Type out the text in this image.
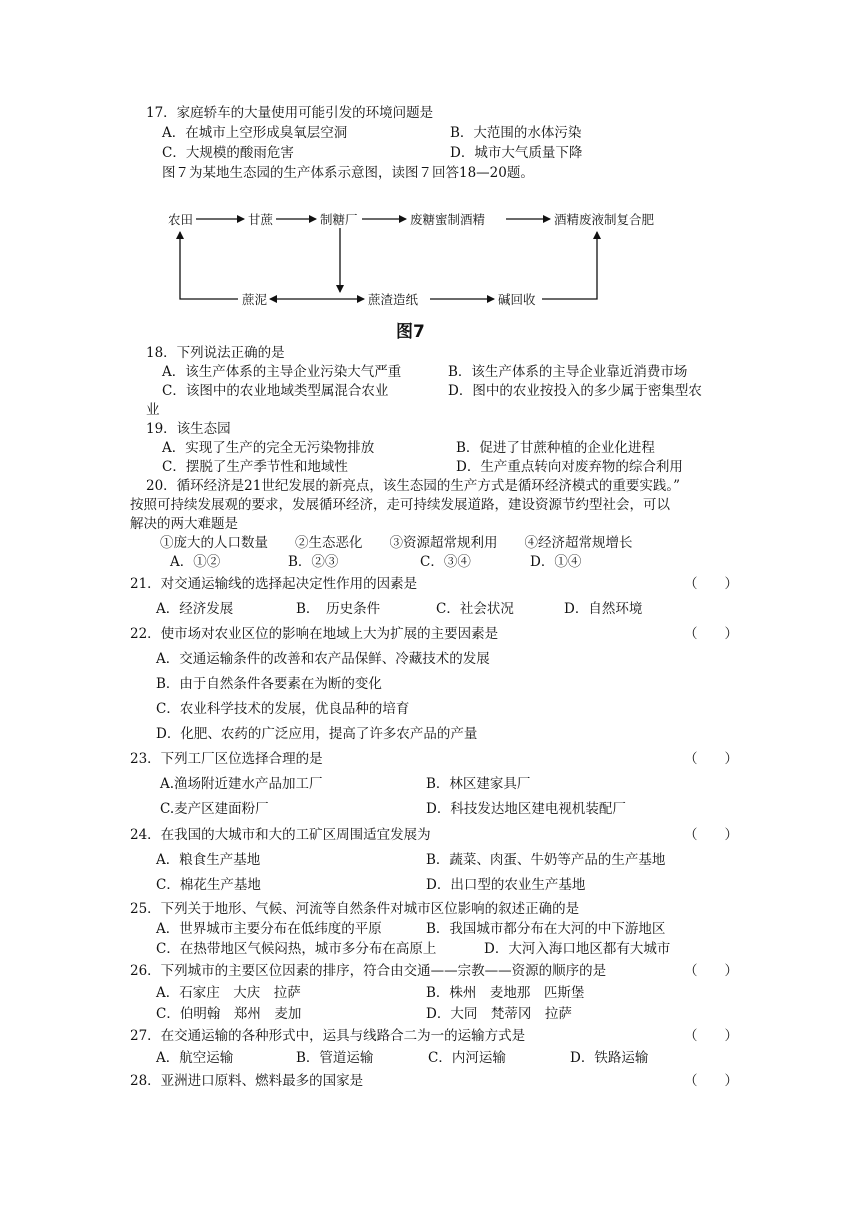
17．家庭轿车的大量使用可能引发的环境问题是
A．在城市上空形成臭氧层空洞	B．大范围的水体污染
C．大规模的酸雨危害	D．城市大气质量下降
图７为某地生态园的生产体系示意图，读图７回答18—20题。
农田	甘蔗	制糖厂	废糖蜜制酒精	酒精废液制复合肥
蔗泥	蔗渣造纸	碱回收
图7
18．下列说法正确的是
A．该生产体系的主导企业污染大气严重	B．该生产体系的主导企业靠近消费市场
C．该图中的农业地域类型属混合农业	D．图中的农业按投入的多少属于密集型农
业
19．该生态园
A．实现了生产的完全无污染物排放	B．促进了甘蔗种植的企业化进程
C．摆脱了生产季节性和地域性	D．生产重点转向对废弃物的综合利用
20．循环经济是21世纪发展的新亮点，该生态园的生产方式是循环经济模式的重要实践。”
按照可持续发展观的要求，发展循环经济，走可持续发展道路，建设资源节约型社会，可以
解决的两大难题是
①庞大的人口数量　　②生态恶化　　③资源超常规利用　　④经济超常规增长
A．①②	B．②③	C．③④	D．①④
21．对交通运输线的选择起决定性作用的因素是	（　　）
A．经济发展	B．　历史条件	C．社会状况	D．自然环境
22．使市场对农业区位的影响在地域上大为扩展的主要因素是	（　　）
A．交通运输条件的改善和农产品保鲜、冷藏技术的发展
B．由于自然条件各要素在为断的变化
C．农业科学技术的发展，优良品种的培育
D．化肥、农药的广泛应用，提高了许多农产品的产量
23．下列工厂区位选择合理的是	（　　）
A.渔场附近建水产品加工厂	B．林区建家具厂
C.麦产区建面粉厂	D．科技发达地区建电视机装配厂
24．在我国的大城市和大的工矿区周围适宜发展为	（　　）
A．粮食生产基地	B．蔬菜、肉蛋、牛奶等产品的生产基地
C．棉花生产基地	D．出口型的农业生产基地
25．下列关于地形、气候、河流等自然条件对城市区位影响的叙述正确的是
A．世界城市主要分布在低纬度的平原	B．我国城市都分布在大河的中下游地区
C．在热带地区气候闷热，城市多分布在高原上	D．大河入海口地区都有大城市
26．下列城市的主要区位因素的排序，符合由交通——宗教——资源的顺序的是	（　　）
A．石家庄　大庆　拉萨	B．株州　麦地那　匹斯堡
C．伯明翰　郑州　麦加	D．大同　梵蒂冈　拉萨
27．在交通运输的各种形式中，运具与线路合二为一的运输方式是	（　　）
A．航空运输	B．管道运输	C．内河运输	D．铁路运输
28．亚洲进口原料、燃料最多的国家是	（　　）
